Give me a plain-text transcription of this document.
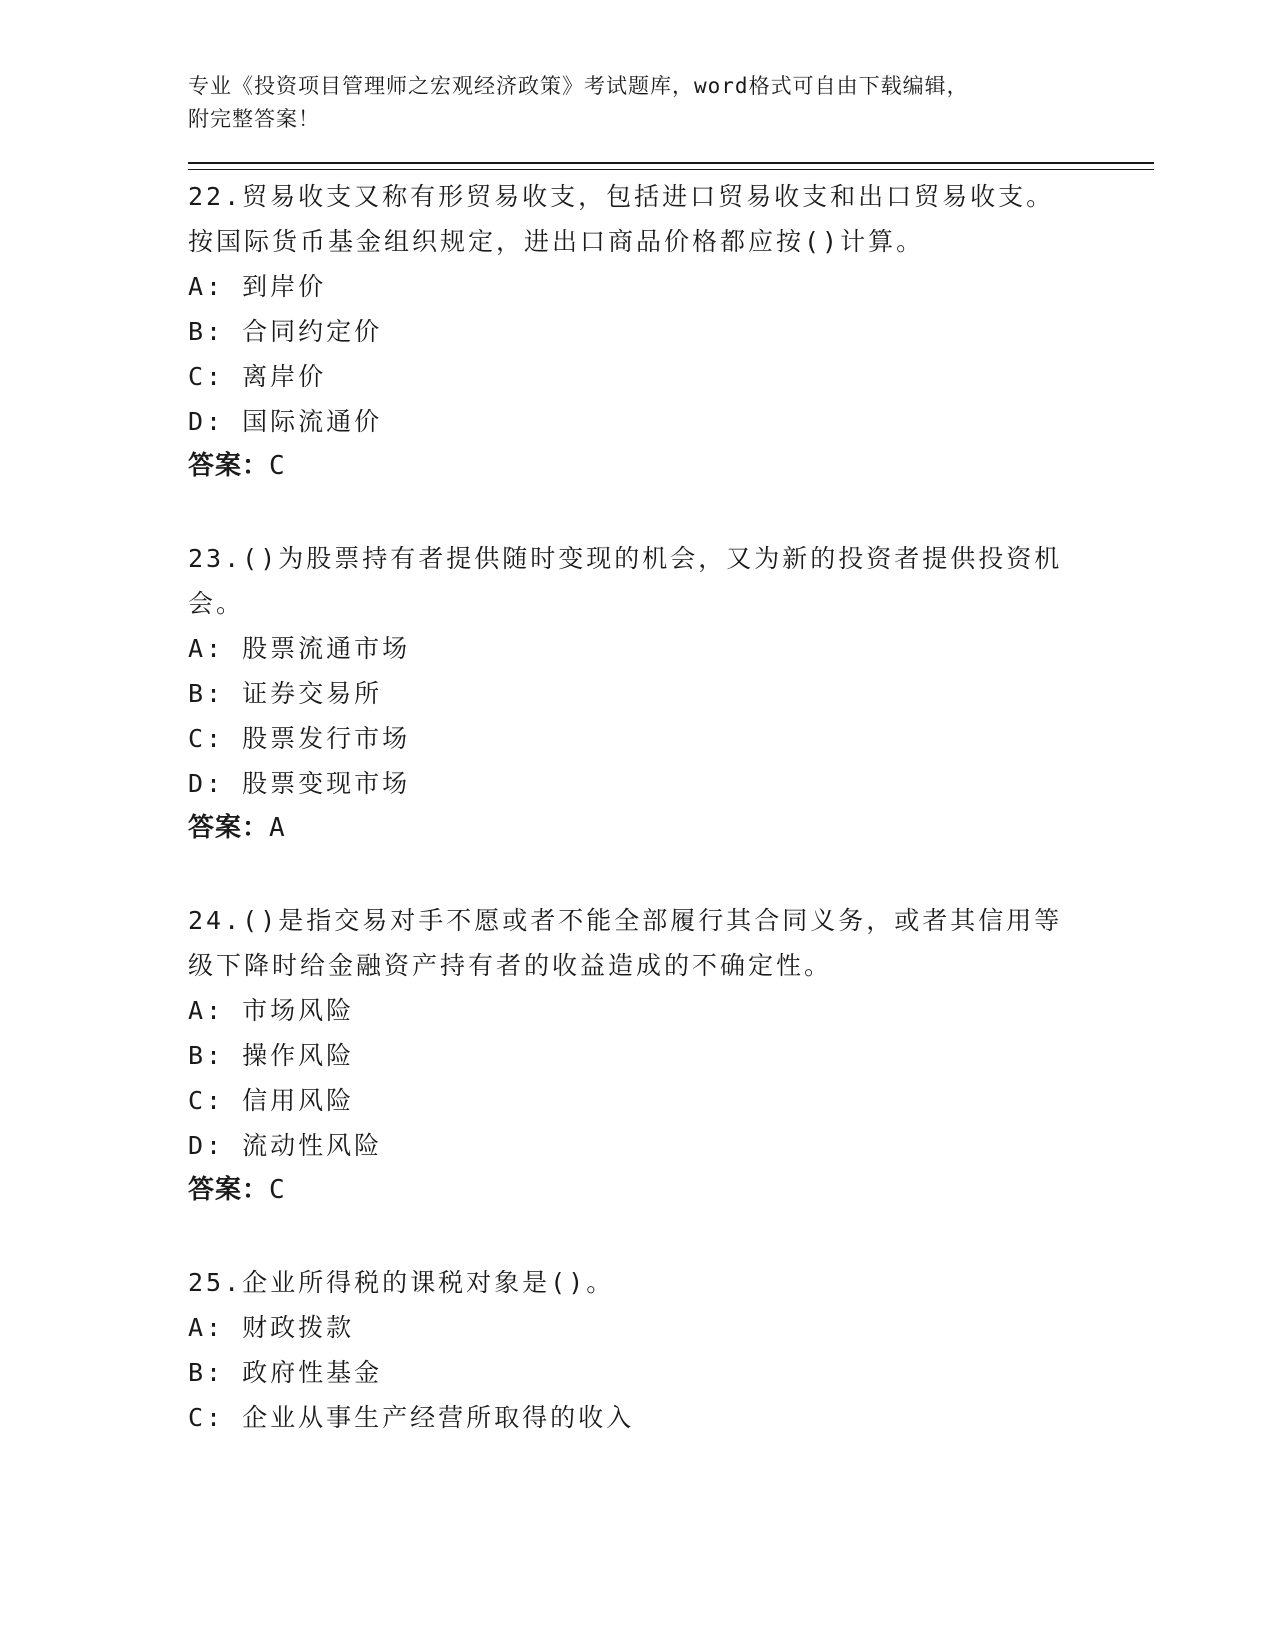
专业《投资项目管理师之宏观经济政策》考试题库，word格式可自由下载编辑，

附完整答案！

22.贸易收支又称有形贸易收支，包括进口贸易收支和出口贸易收支。按国际货币基金组织规定，进出口商品价格都应按()计算。

A: 到岸价

B: 合同约定价

C: 离岸价

D: 国际流通价

答案：C

23.()为股票持有者提供随时变现的机会，又为新的投资者提供投资机会。

A: 股票流通市场

B: 证券交易所

C: 股票发行市场

D: 股票变现市场

答案：A

24.()是指交易对手不愿或者不能全部履行其合同义务，或者其信用等级下降时给金融资产持有者的收益造成的不确定性。

A: 市场风险

B: 操作风险

C: 信用风险

D: 流动性风险

答案：C

25.企业所得税的课税对象是()。

A: 财政拨款

B: 政府性基金

C: 企业从事生产经营所取得的收入
